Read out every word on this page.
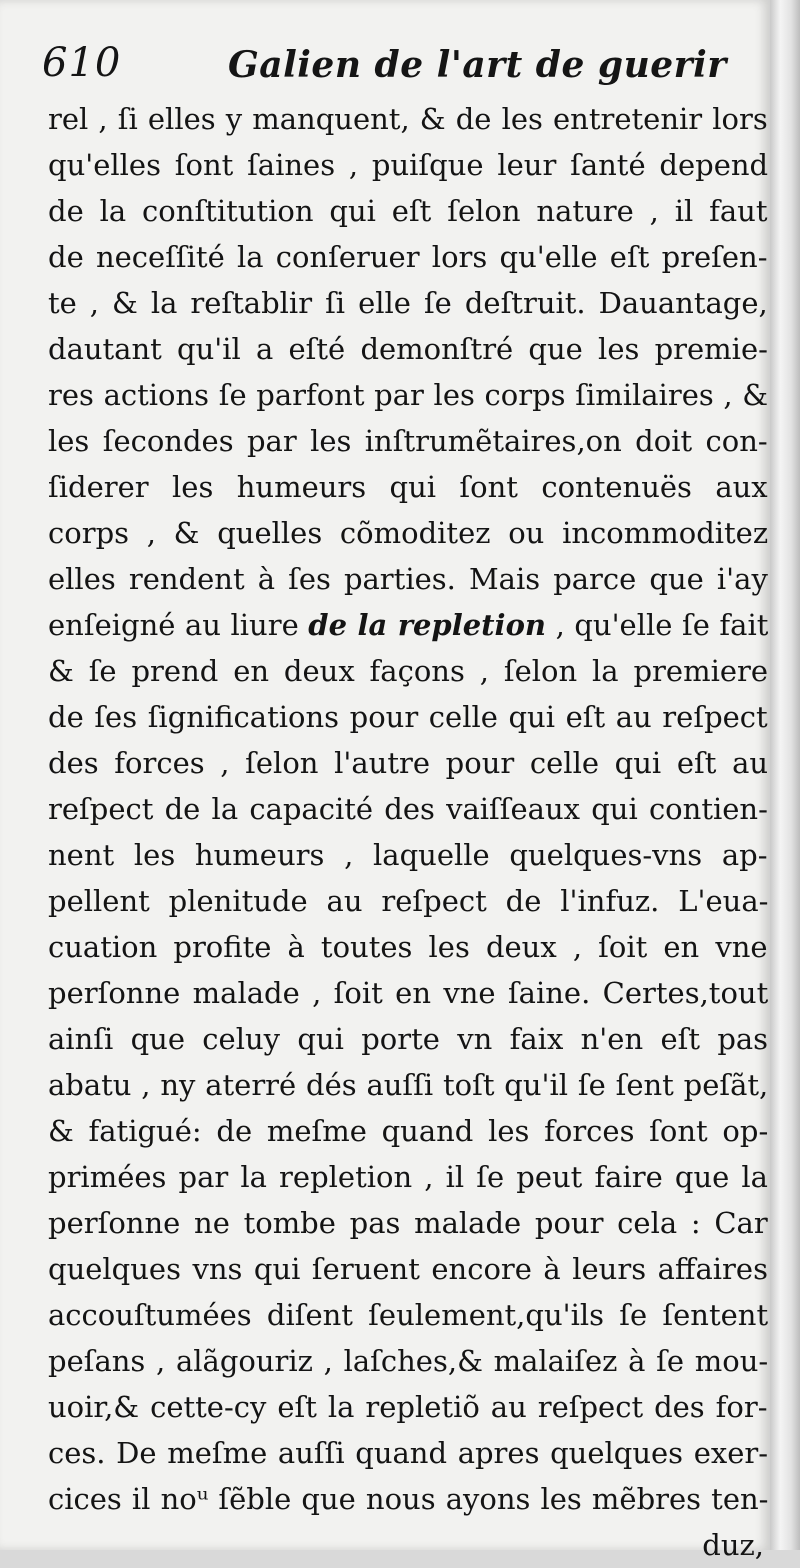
610	Galien de l'art de guerir
rel , ſi elles y manquent, & de les entretenir lors
qu'elles ſont ſaines , puiſque leur ſanté depend
de la conſtitution qui eſt ſelon nature , il faut
de neceſſité la conſeruer lors qu'elle eſt preſen-
te , & la reſtablir ſi elle ſe deſtruit. Dauantage,
dautant qu'il a eſté demonſtré que les premie-
res actions ſe parfont par les corps ſimilaires , &
les ſecondes par les inſtrumẽtaires,on doit con-
ſiderer les humeurs qui ſont contenuës aux
corps , & quelles cõmoditez ou incommoditez
elles rendent à ſes parties. Mais parce que i'ay
enſeigné au liure de la repletion , qu'elle ſe fait
& ſe prend en deux façons , ſelon la premiere
de ſes ſignifications pour celle qui eſt au reſpect
des forces , ſelon l'autre pour celle qui eſt au
reſpect de la capacité des vaiſſeaux qui contien-
nent les humeurs , laquelle quelques-vns ap-
pellent plenitude au reſpect de l'infuz. L'eua-
cuation profite à toutes les deux , ſoit en vne
perſonne malade , ſoit en vne ſaine. Certes,tout
ainſi que celuy qui porte vn faix n'en eſt pas
abatu , ny aterré dés auſſi toſt qu'il ſe ſent peſãt,
& fatigué: de meſme quand les forces ſont op-
primées par la repletion , il ſe peut faire que la
perſonne ne tombe pas malade pour cela : Car
quelques vns qui ſeruent encore à leurs affaires
accouſtumées diſent ſeulement,qu'ils ſe ſentent
peſans , alãgouriz , laſches,& malaiſez à ſe mou-
uoir,& cette-cy eſt la repletiõ au reſpect des for-
ces. De meſme auſſi quand apres quelques exer-
cices il noᵘ ſẽble que nous ayons les mẽbres ten-
duz,
